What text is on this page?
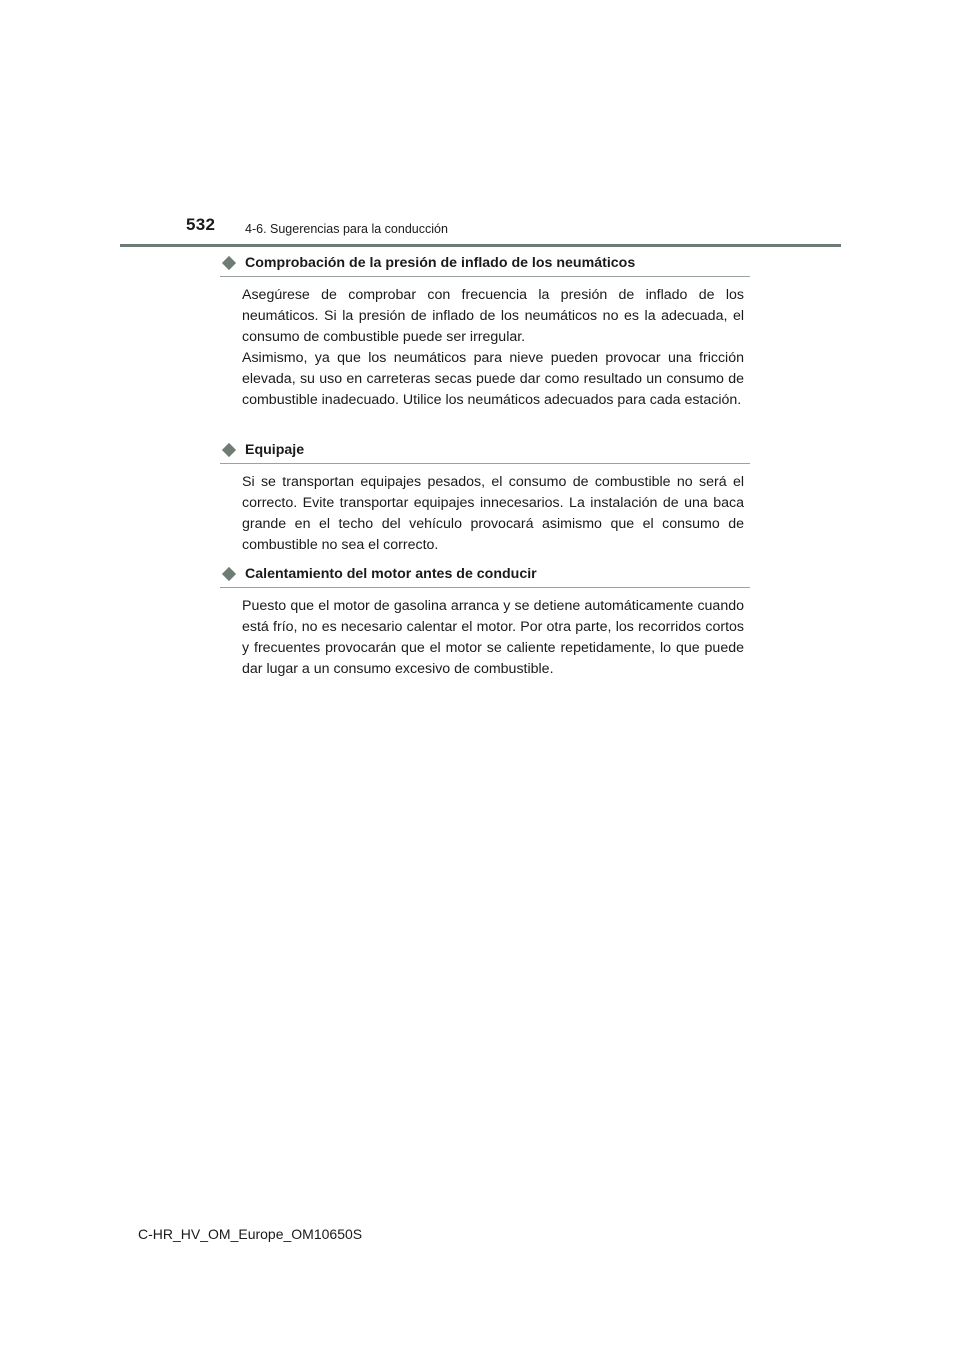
532 4-6. Sugerencias para la conducción
Comprobación de la presión de inflado de los neumáticos

Asegúrese de comprobar con frecuencia la presión de inflado de los neumáticos. Si la presión de inflado de los neumáticos no es la adecuada, el consumo de combustible puede ser irregular.

Asimismo, ya que los neumáticos para nieve pueden provocar una fricción elevada, su uso en carreteras secas puede dar como resultado un consumo de combustible inadecuado. Utilice los neumáticos adecuados para cada estación.

Equipaje

Si se transportan equipajes pesados, el consumo de combustible no será el correcto. Evite transportar equipajes innecesarios. La instalación de una baca grande en el techo del vehículo provocará asimismo que el consumo de combustible no sea el correcto.

Calentamiento del motor antes de conducir

Puesto que el motor de gasolina arranca y se detiene automáticamente cuando está frío, no es necesario calentar el motor. Por otra parte, los recorridos cortos y frecuentes provocarán que el motor se caliente repetidamente, lo que puede dar lugar a un consumo excesivo de combustible.

C-HR_HV_OM_Europe_OM10650S
